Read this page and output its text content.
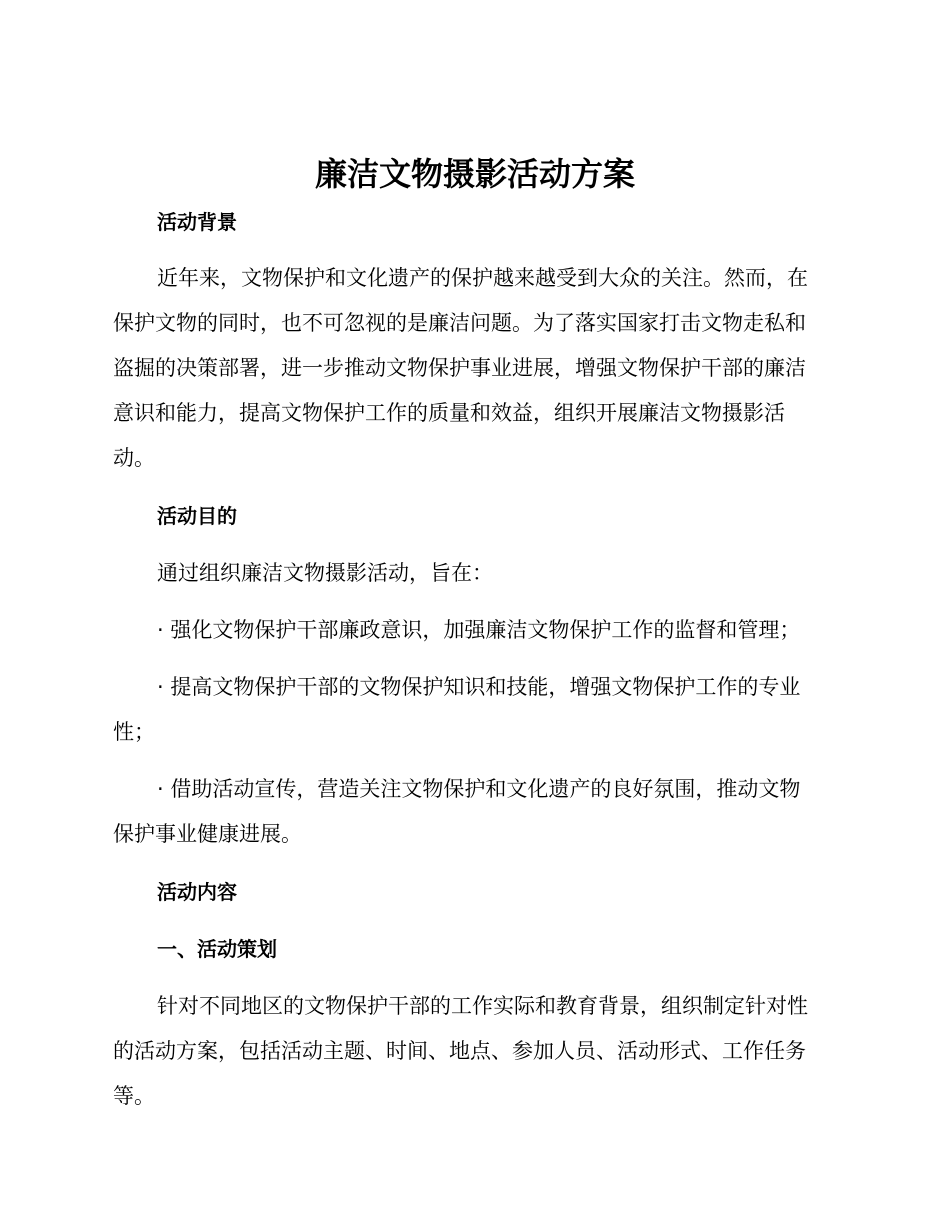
廉洁文物摄影活动方案
活动背景
近年来，文物保护和文化遗产的保护越来越受到大众的关注。然而，在
保护文物的同时，也不可忽视的是廉洁问题。为了落实国家打击文物走私和
盗掘的决策部署，进一步推动文物保护事业进展，增强文物保护干部的廉洁
意识和能力，提高文物保护工作的质量和效益，组织开展廉洁文物摄影活
动。
活动目的
通过组织廉洁文物摄影活动，旨在：
· 强化文物保护干部廉政意识，加强廉洁文物保护工作的监督和管理；
· 提高文物保护干部的文物保护知识和技能，增强文物保护工作的专业
性；
· 借助活动宣传，营造关注文物保护和文化遗产的良好氛围，推动文物
保护事业健康进展。
活动内容
一、活动策划
针对不同地区的文物保护干部的工作实际和教育背景，组织制定针对性
的活动方案，包括活动主题、时间、地点、参加人员、活动形式、工作任务
等。
